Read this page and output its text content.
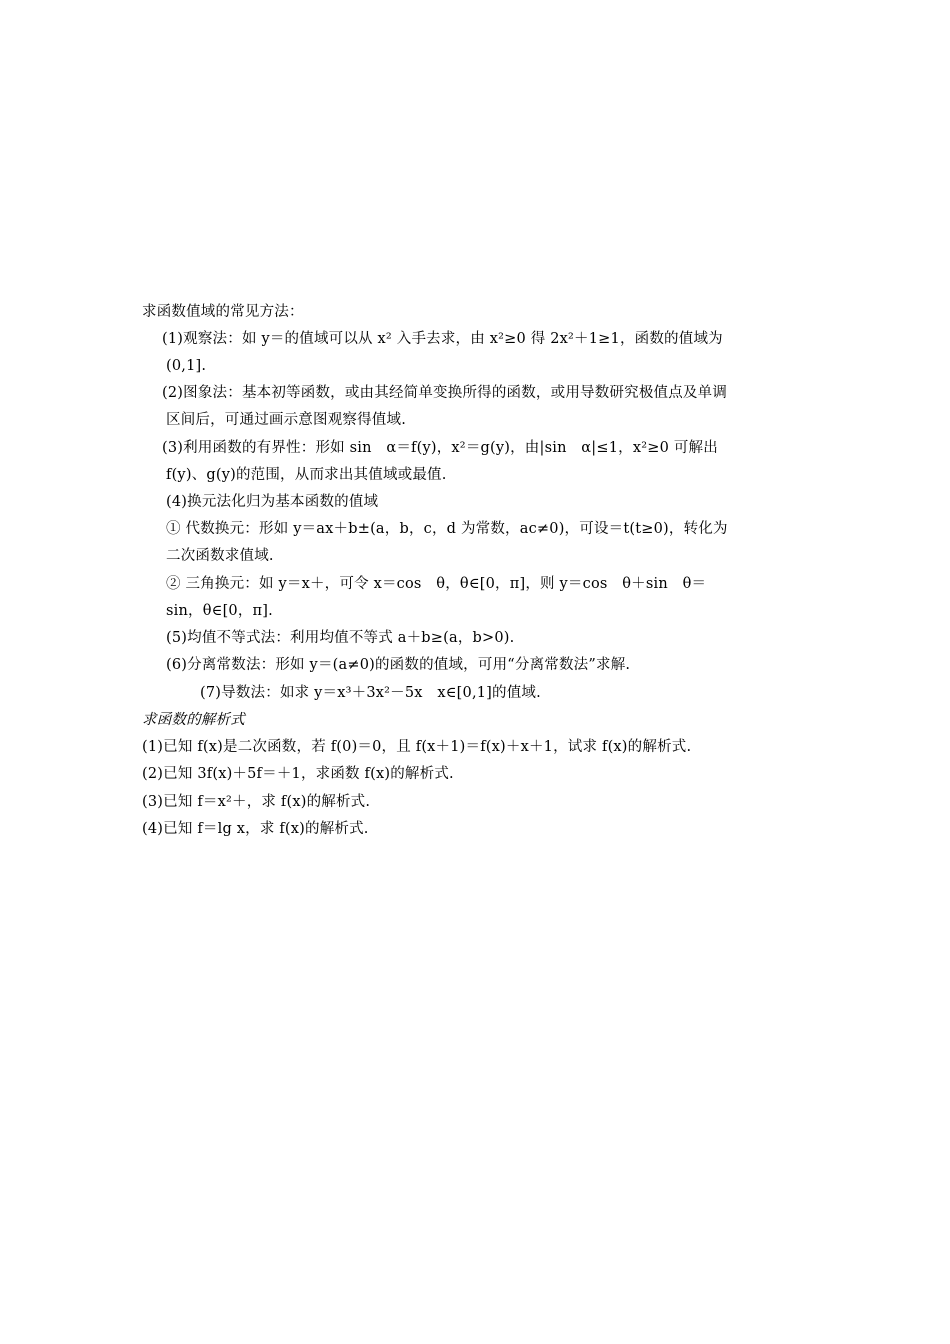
求函数值域的常见方法：
(1)观察法：如 y＝的值域可以从 x² 入手去求，由 x²≥0 得 2x²＋1≥1，函数的值域为
(0,1].
(2)图象法：基本初等函数，或由其经简单变换所得的函数，或用导数研究极值点及单调
区间后，可通过画示意图观察得值域.
(3)利用函数的有界性：形如 sin　α＝f(y)，x²＝g(y)，由|sin　α|≤1，x²≥0 可解出
f(y)、g(y)的范围，从而求出其值域或最值.
(4)换元法化归为基本函数的值域
① 代数换元：形如 y＝ax＋b±(a，b，c，d 为常数，ac≠0)，可设＝t(t≥0)，转化为
二次函数求值域.
② 三角换元：如 y＝x＋，可令 x＝cos　θ，θ∈[0，π]，则 y＝cos　θ＋sin　θ＝
sin，θ∈[0，π].
(5)均值不等式法：利用均值不等式 a＋b≥(a，b>0).
(6)分离常数法：形如 y＝(a≠0)的函数的值域，可用“分离常数法”求解.
(7)导数法：如求 y＝x³＋3x²－5x　x∈[0,1]的值域.
求函数的解析式
(1)已知 f(x)是二次函数，若 f(0)＝0，且 f(x＋1)＝f(x)＋x＋1，试求 f(x)的解析式.
(2)已知 3f(x)＋5f＝＋1，求函数 f(x)的解析式.
(3)已知 f＝x²＋，求 f(x)的解析式.
(4)已知 f＝lg x，求 f(x)的解析式.
